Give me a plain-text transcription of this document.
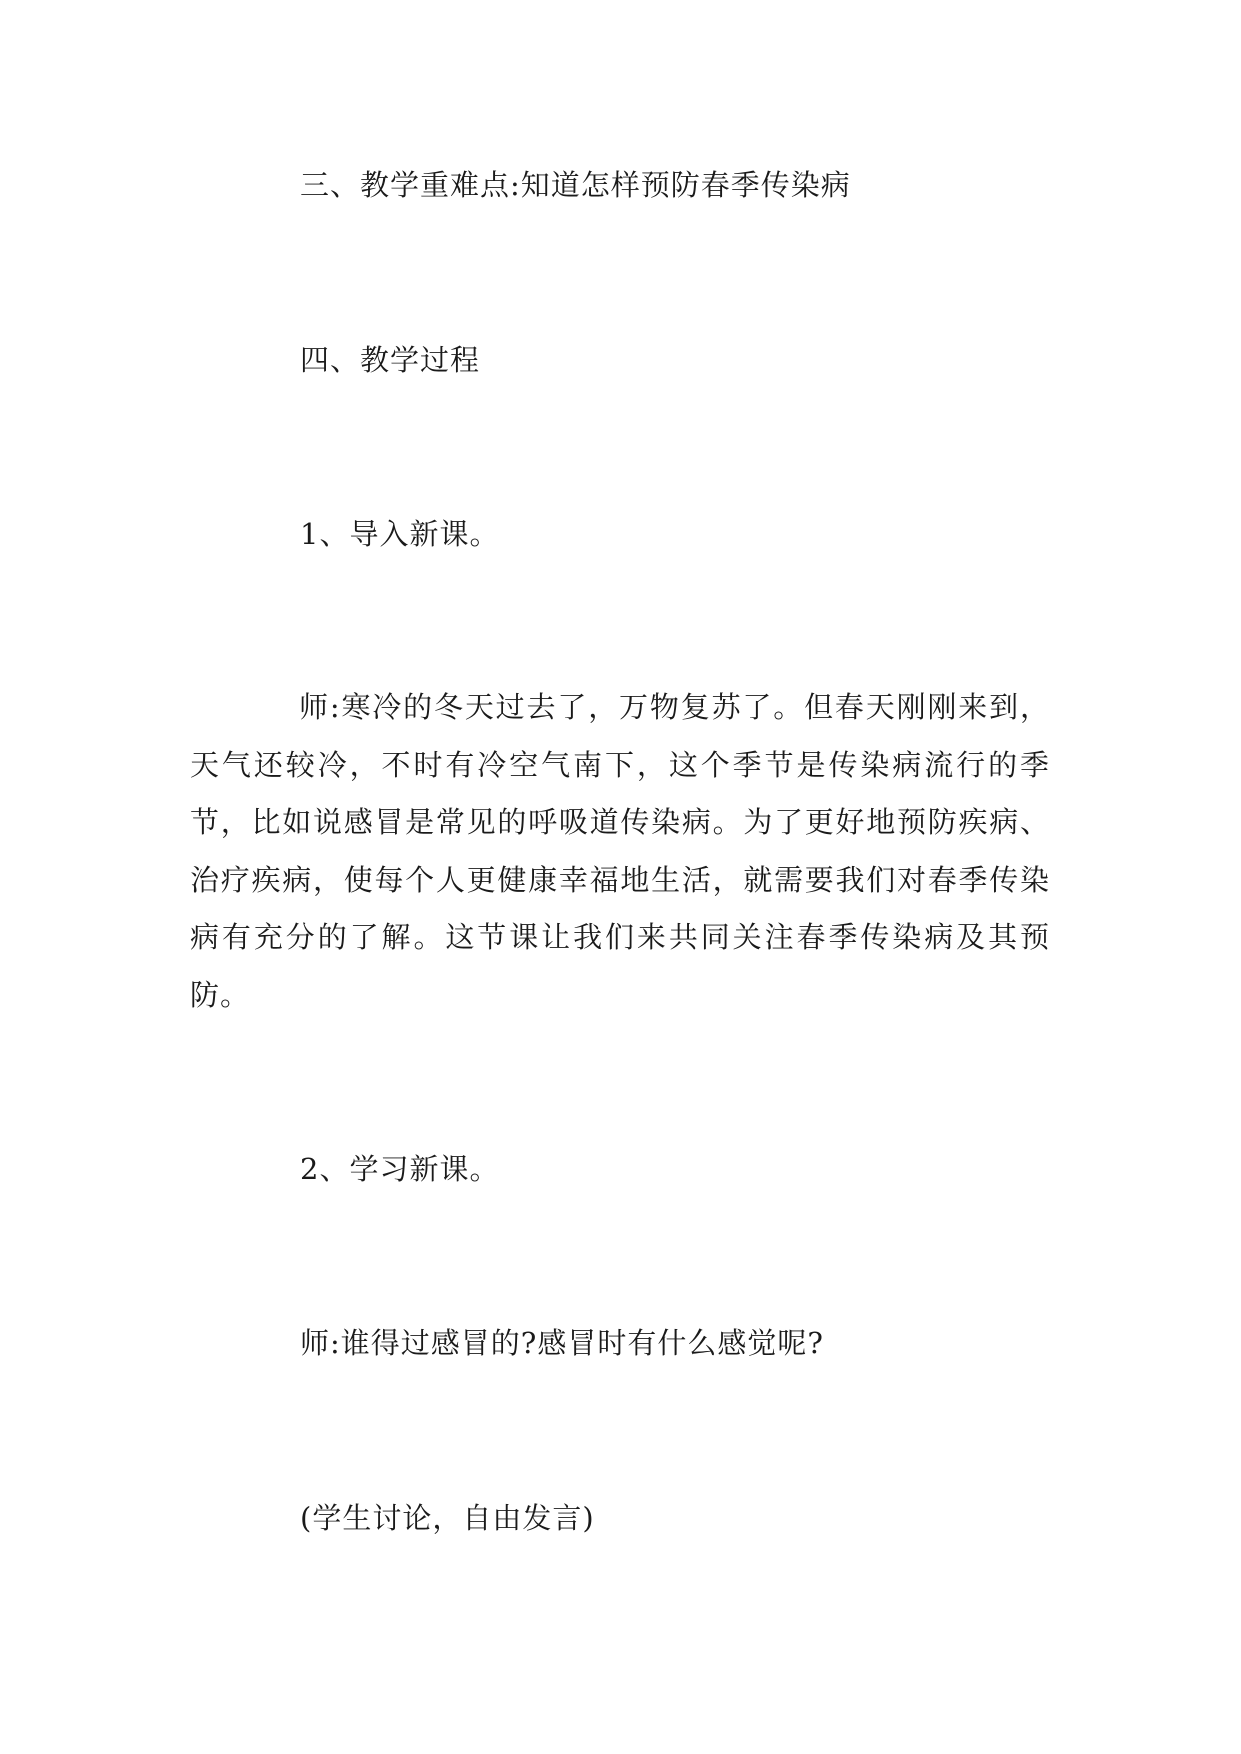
三、教学重难点:知道怎样预防春季传染病
四、教学过程
1、导入新课。
师:寒冷的冬天过去了，万物复苏了。但春天刚刚来到，天气还较冷，不时有冷空气南下，这个季节是传染病流行的季节，比如说感冒是常见的呼吸道传染病。为了更好地预防疾病、治疗疾病，使每个人更健康幸福地生活，就需要我们对春季传染病有充分的了解。这节课让我们来共同关注春季传染病及其预防。
2、学习新课。
师:谁得过感冒的?感冒时有什么感觉呢?
(学生讨论，自由发言)
